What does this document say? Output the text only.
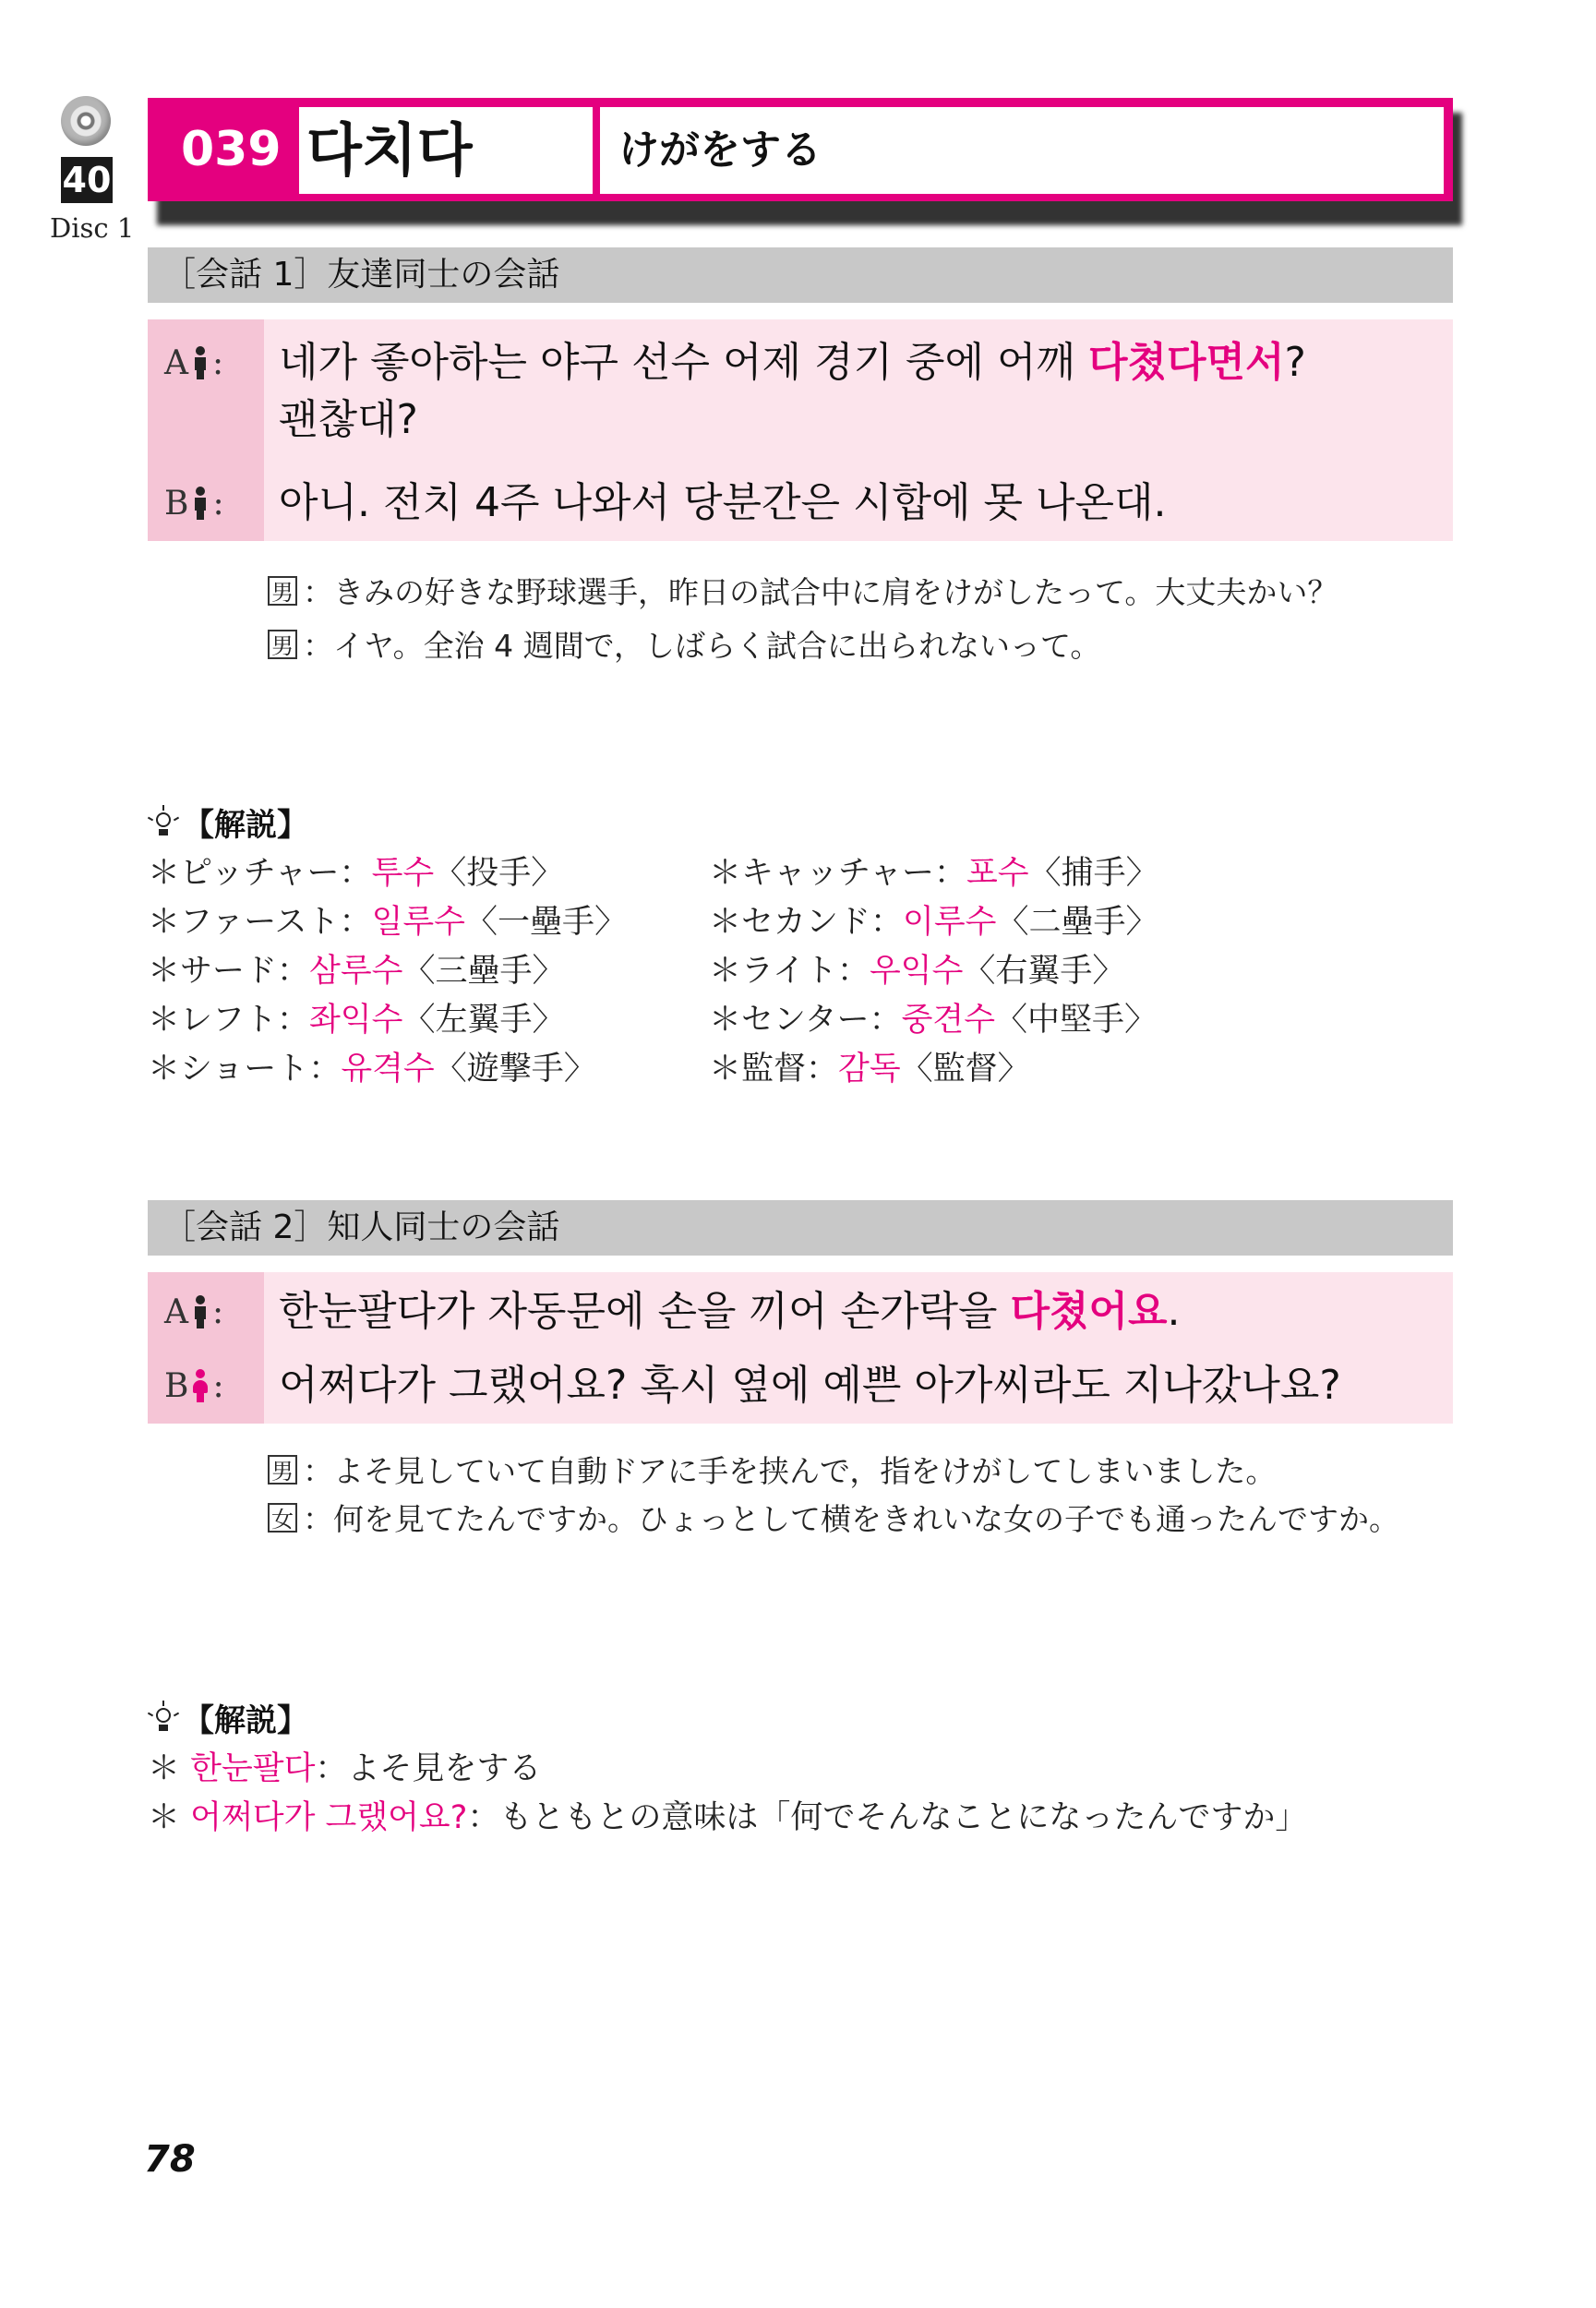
40
Disc 1
039 다치다	けがをする
［会話 1］友達同士の会話
A : 네가 좋아하는 야구 선수 어제 경기 중에 어깨 다쳤다면서?
괜찮대?
B : 아니. 전치 4주 나와서 당분간은 시합에 못 나온대.
男 ： きみの好きな野球選手，昨日の試合中に肩をけがしたって。大丈夫かい？
男 ： イヤ。全治 4 週間で，しばらく試合に出られないって。
【解説】
＊ピッチャー：투수〈投手〉
＊ファースト：일루수〈一壘手〉
＊サード：삼루수〈三壘手〉
＊レフト：좌익수〈左翼手〉
＊ショート：유격수〈遊撃手〉
＊キャッチャー：포수〈捕手〉
＊セカンド：이루수〈二壘手〉
＊ライト：우익수〈右翼手〉
＊センター：중견수〈中堅手〉
＊監督：감독〈監督〉
［会話 2］知人同士の会話
A : 한눈팔다가 자동문에 손을 끼어 손가락을 다쳤어요.
B : 어쩌다가 그랬어요? 혹시 옆에 예쁜 아가씨라도 지나갔나요?
男 ： よそ見していて自動ドアに手を挟んで，指をけがしてしまいました。
女 ： 何を見てたんですか。ひょっとして横をきれいな女の子でも通ったんですか。
【解説】
＊ 한눈팔다：よそ見をする
＊ 어쩌다가 그랬어요?：もともとの意味は「何でそんなことになったんですか」
78
